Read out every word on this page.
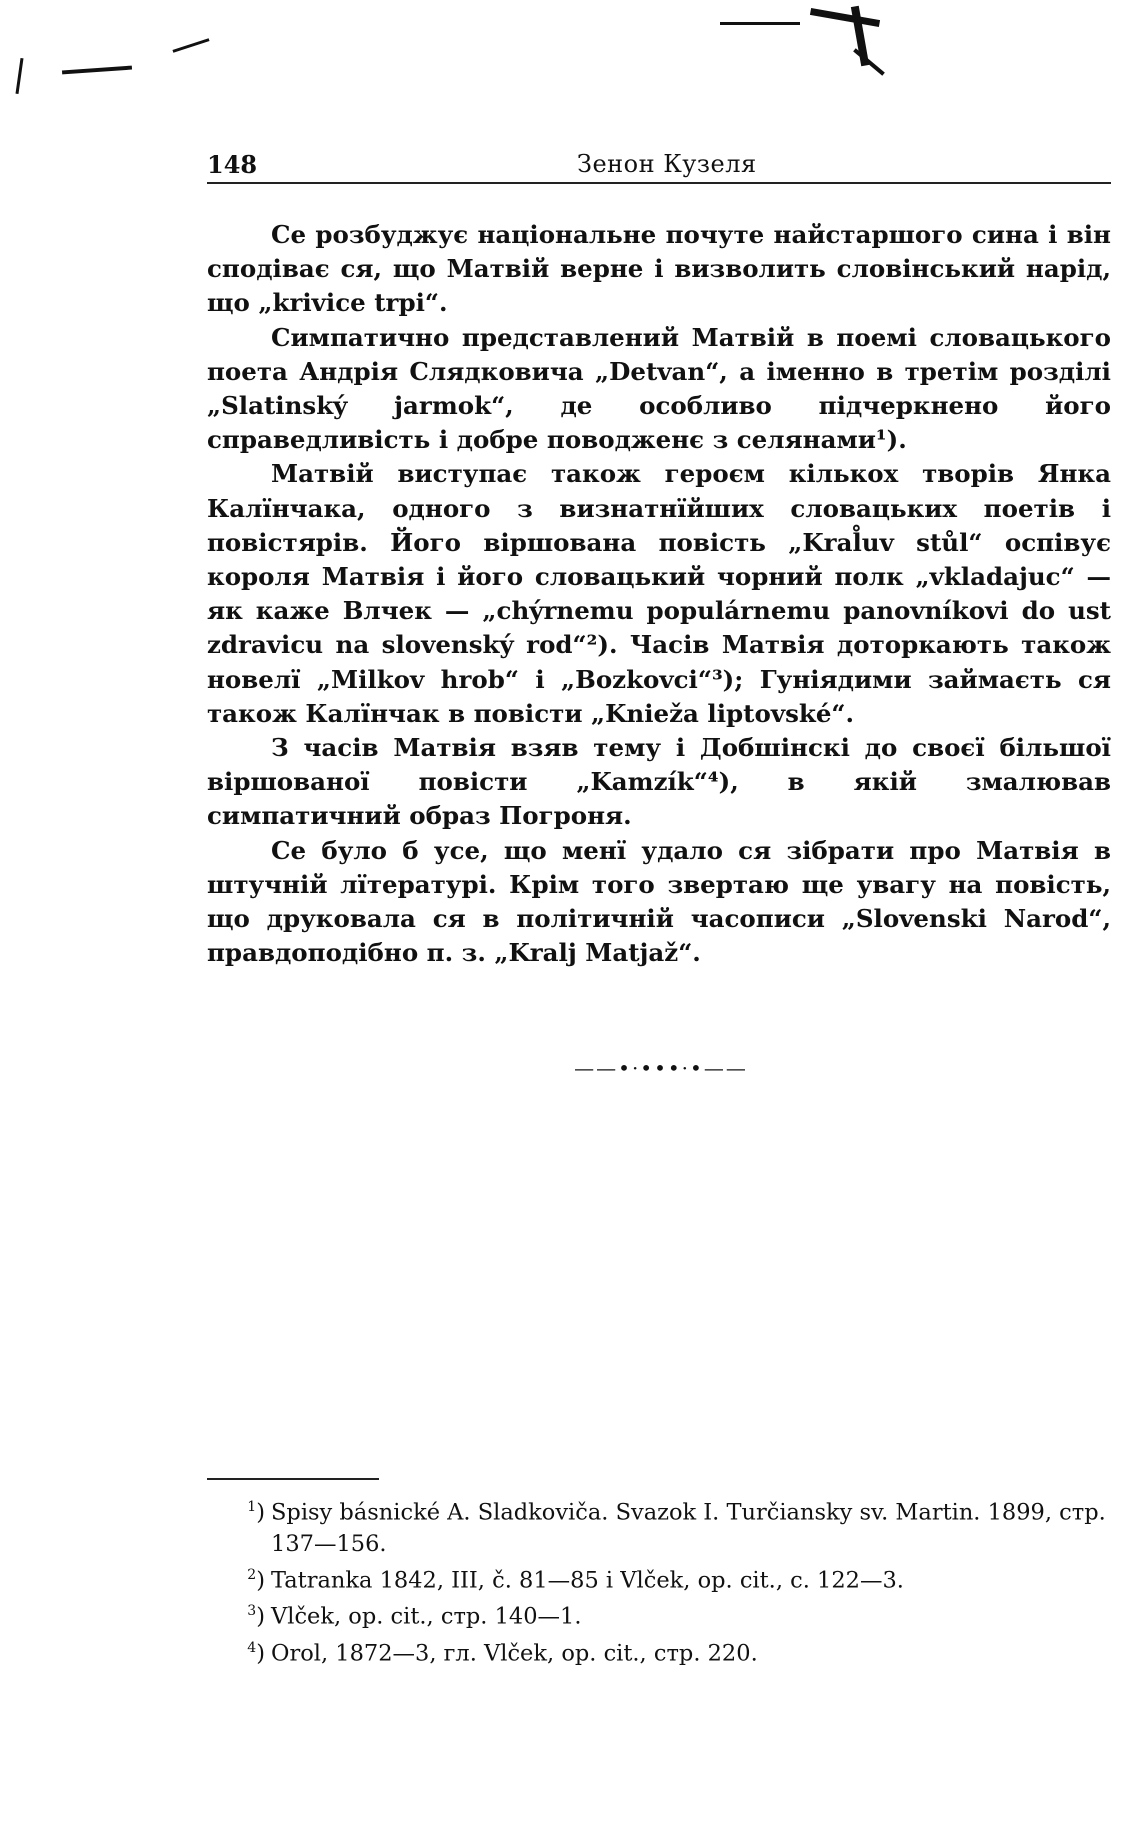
148	Зенон Кузеля

Се розбуджує національне почуте найстаршого сина і він сподіває ся, що Матвій верне і визволить словінський нарід, що „krivice trpi“.

Симпатично представлений Матвій в поемі словацького поета Андрія Слядковича „Detvan“, а іменно в третім розділі „Slatinský jarmok“, де особливо підчеркнено його справедливість і добре поводженє з селянами¹).

Матвій виступає також героєм кількох творів Янка Калїнчака, одного з визнатнїйших словацьких поетів і повістярів. Його віршована повість „Kral̊uv stůl“ оспівує короля Матвія і його словацький чорний полк „vkladajuc“ — як каже Влчек — „chýrnemu populárnemu panovníkovi do ust zdravicu na slovenský rod“²). Часів Матвія доторкають також новелї „Milkov hrob“ і „Bozkovci“³); Гуніядими займаєть ся також Калїнчак в повісти „Knieža liptovské“.

З часів Матвія взяв тему і Добшінскі до своєї більшої віршованої повісти „Kamzík“⁴), в якій змалював симпатичний образ Погроня.

Се було б усе, що менї удало ся зібрати про Матвія в штучній лїтературі. Крім того звертаю ще увагу на повість, що друковала ся в політичній часописи „Slovenski Narod“, правдоподібно п. з. „Kralj Matjaž“.

——•·•••·•——

$^1$) Spisy básnické A. Sladkoviča. Svazok I. Turčiansky sv. Martin. 1899, стр. 137—156.

$^2$) Tatranka 1842, III, č. 81—85 i Vlček, op. cit., с. 122—3.

$^3$) Vlček, op. cit., стр. 140—1.

$^4$) Orol, 1872—3, гл. Vlček, op. cit., стр. 220.
